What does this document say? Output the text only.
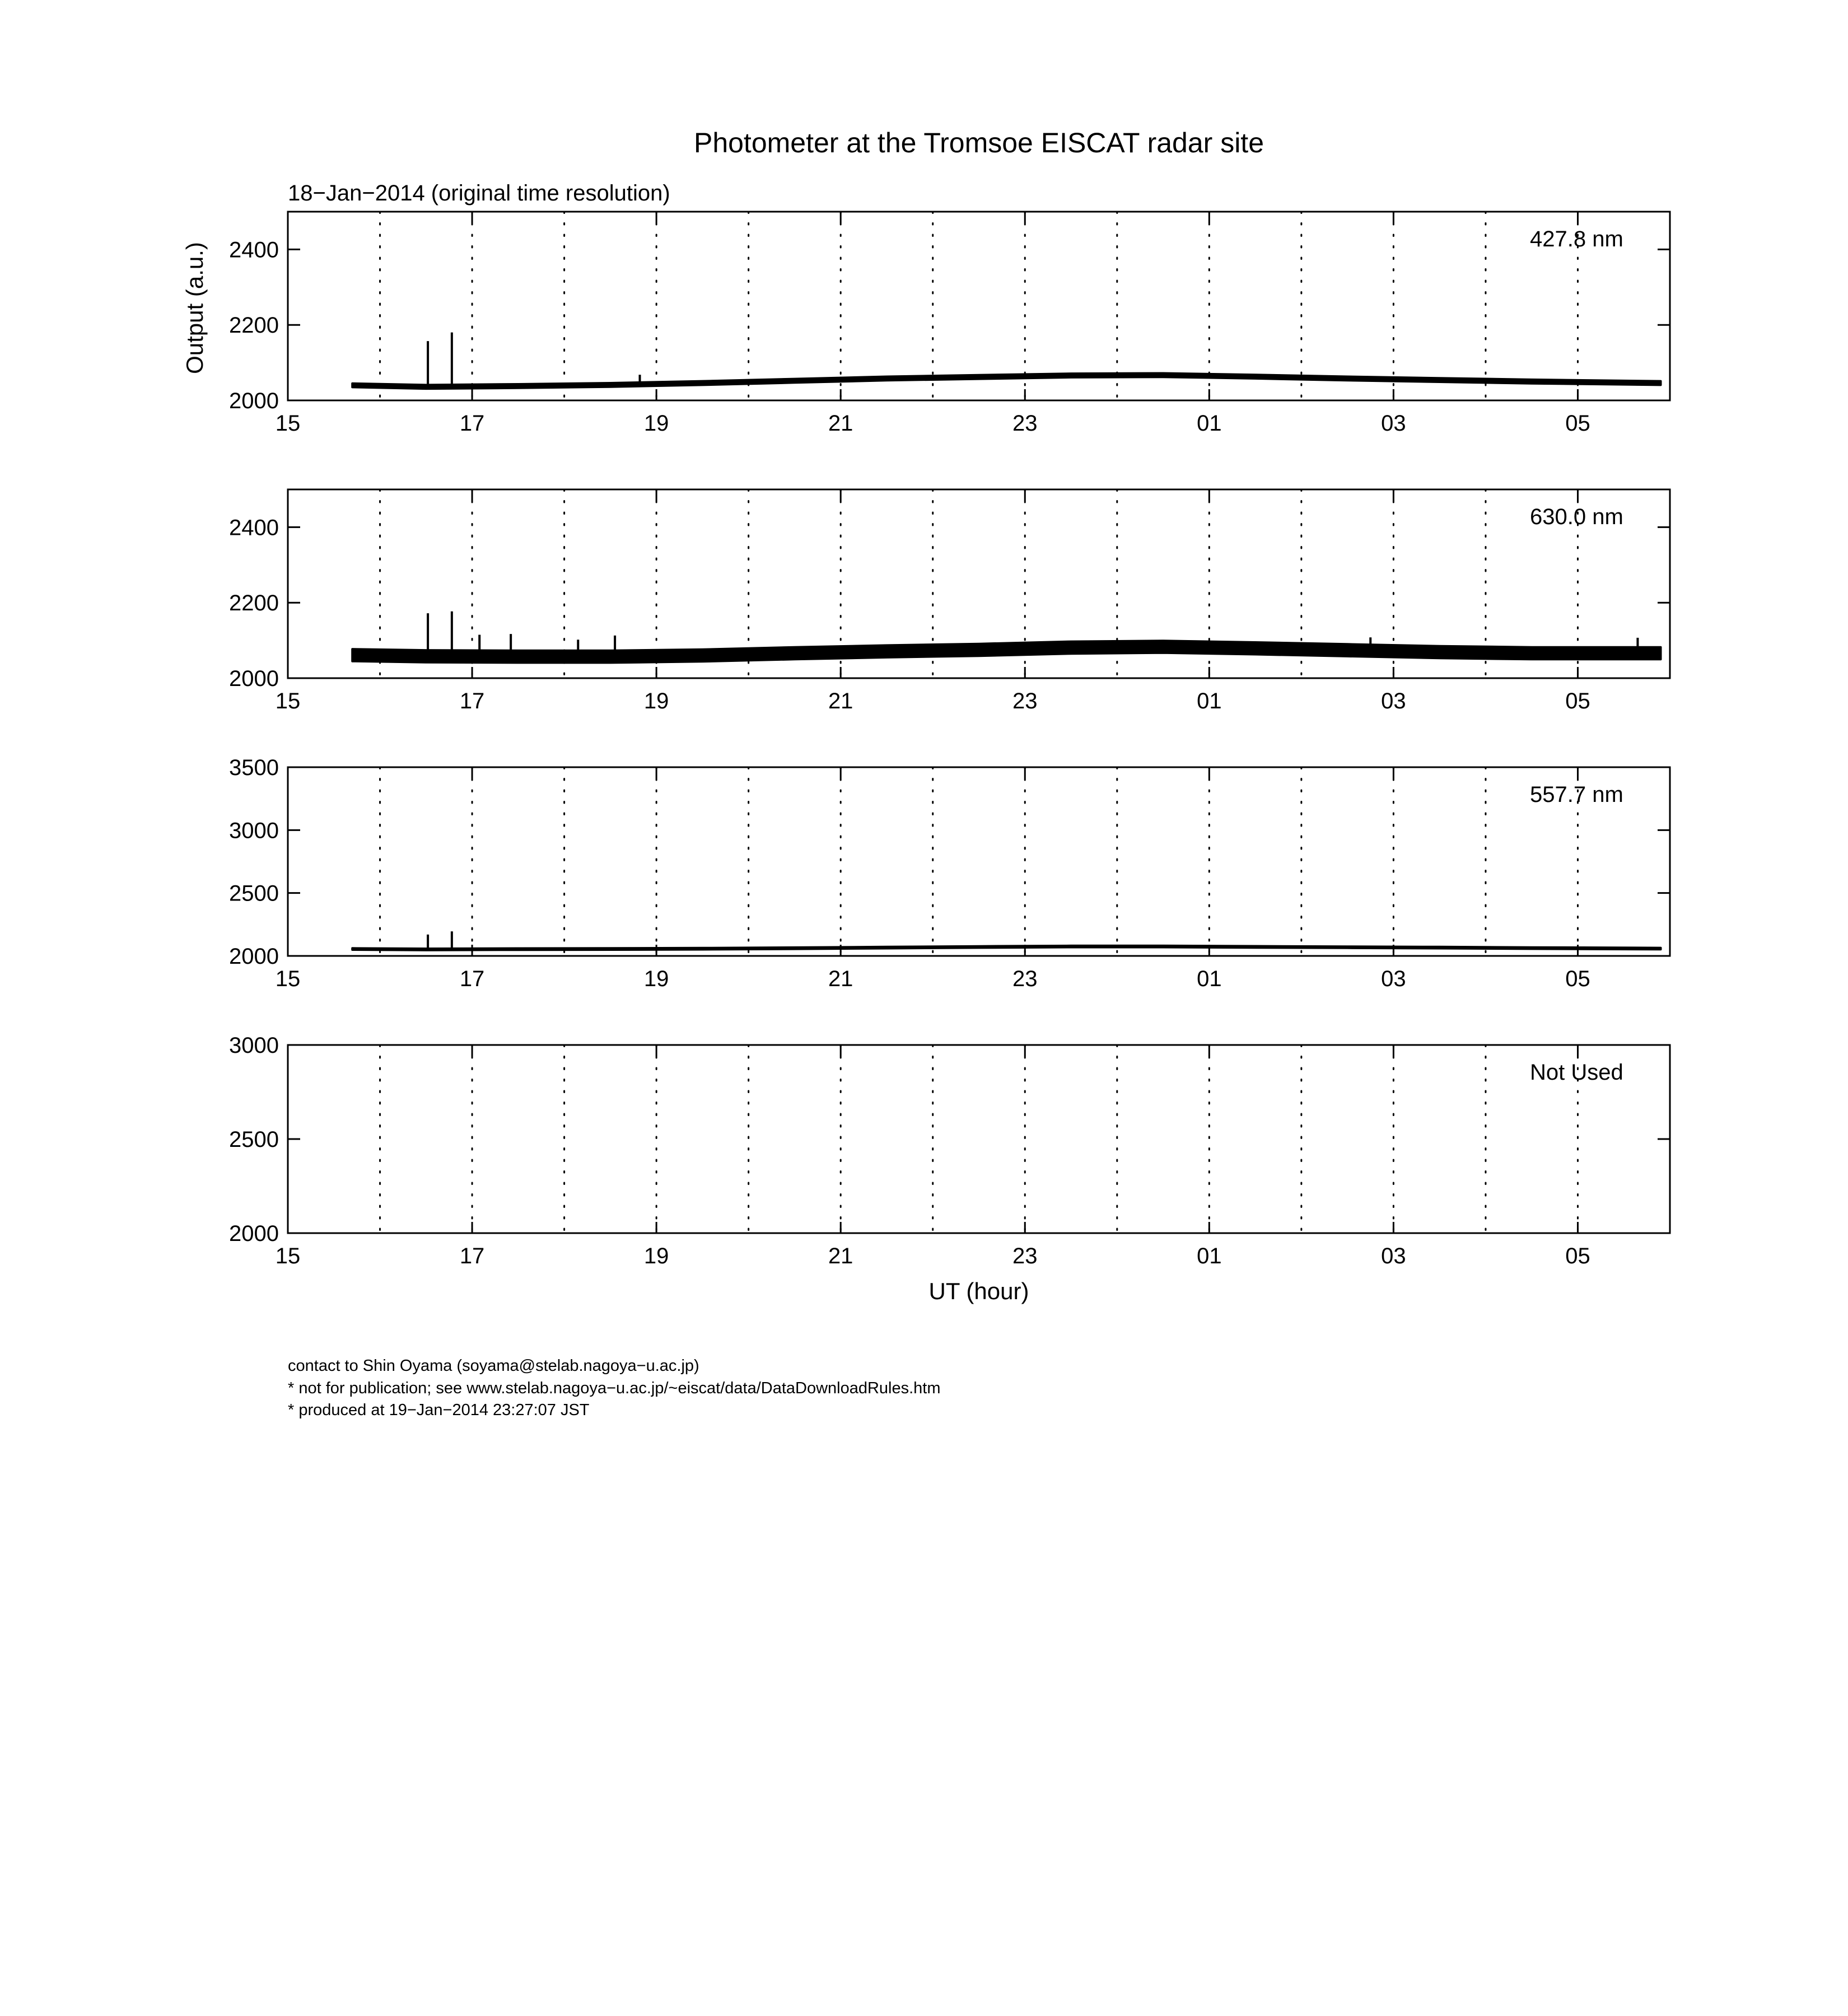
Photometer at the Tromsoe EISCAT radar site
18−Jan−2014 (original time resolution)
Output (a.u.)
UT (hour)
2000
2200
2400
15	17	19	21	23	01	03	05
427.8 nm
2000
2200
2400
15	17	19	21	23	01	03	05
630.0 nm
2000
2500
3000
3500
15	17	19	21	23	01	03	05
557.7 nm
2000
2500
3000
15	17	19	21	23	01	03	05
Not Used
contact to Shin Oyama (soyama@stelab.nagoya−u.ac.jp)
* not for publication; see www.stelab.nagoya−u.ac.jp/~eiscat/data/DataDownloadRules.htm
* produced at 19−Jan−2014 23:27:07 JST
